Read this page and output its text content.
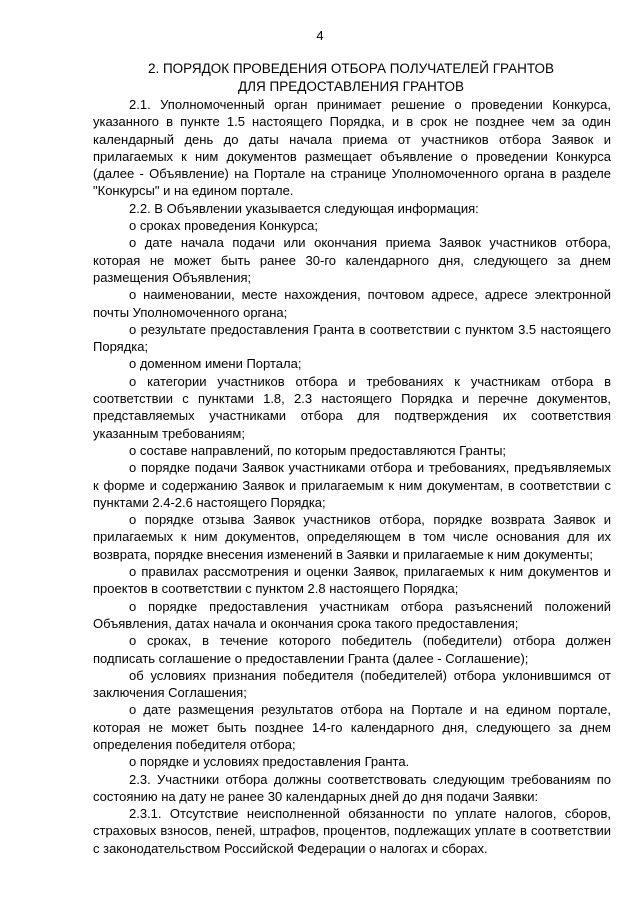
4
2. ПОРЯДОК ПРОВЕДЕНИЯ ОТБОРА ПОЛУЧАТЕЛЕЙ ГРАНТОВ
ДЛЯ ПРЕДОСТАВЛЕНИЯ ГРАНТОВ

2.1. Уполномоченный орган принимает решение о проведении Конкурса, указанного в пункте 1.5 настоящего Порядка, и в срок не позднее чем за один календарный день до даты начала приема от участников отбора Заявок и прилагаемых к ним документов размещает объявление о проведении Конкурса (далее - Объявление) на Портале на странице Уполномоченного органа в разделе "Конкурсы" и на едином портале.

2.2. В Объявлении указывается следующая информация:

о сроках проведения Конкурса;

о дате начала подачи или окончания приема Заявок участников отбора, которая не может быть ранее 30-го календарного дня, следующего за днем размещения Объявления;

о наименовании, месте нахождения, почтовом адресе, адресе электронной почты Уполномоченного органа;

о результате предоставления Гранта в соответствии с пунктом 3.5 настоящего Порядка;

о доменном имени Портала;

о категории участников отбора и требованиях к участникам отбора в соответствии с пунктами 1.8, 2.3 настоящего Порядка и перечне документов, представляемых участниками отбора для подтверждения их соответствия указанным требованиям;

о составе направлений, по которым предоставляются Гранты;

о порядке подачи Заявок участниками отбора и требованиях, предъявляемых к форме и содержанию Заявок и прилагаемым к ним документам, в соответствии с пунктами 2.4-2.6 настоящего Порядка;

о порядке отзыва Заявок участников отбора, порядке возврата Заявок и прилагаемых к ним документов, определяющем в том числе основания для их возврата, порядке внесения изменений в Заявки и прилагаемые к ним документы;

о правилах рассмотрения и оценки Заявок, прилагаемых к ним документов и проектов в соответствии с пунктом 2.8 настоящего Порядка;

о порядке предоставления участникам отбора разъяснений положений Объявления, датах начала и окончания срока такого предоставления;

о сроках, в течение которого победитель (победители) отбора должен подписать соглашение о предоставлении Гранта (далее - Соглашение);

об условиях признания победителя (победителей) отбора уклонившимся от заключения Соглашения;

о дате размещения результатов отбора на Портале и на едином портале, которая не может быть позднее 14-го календарного дня, следующего за днем определения победителя отбора;

о порядке и условиях предоставления Гранта.

2.3. Участники отбора должны соответствовать следующим требованиям по состоянию на дату не ранее 30 календарных дней до дня подачи Заявки:

2.3.1. Отсутствие неисполненной обязанности по уплате налогов, сборов, страховых взносов, пеней, штрафов, процентов, подлежащих уплате в соответствии с законодательством Российской Федерации о налогах и сборах.
